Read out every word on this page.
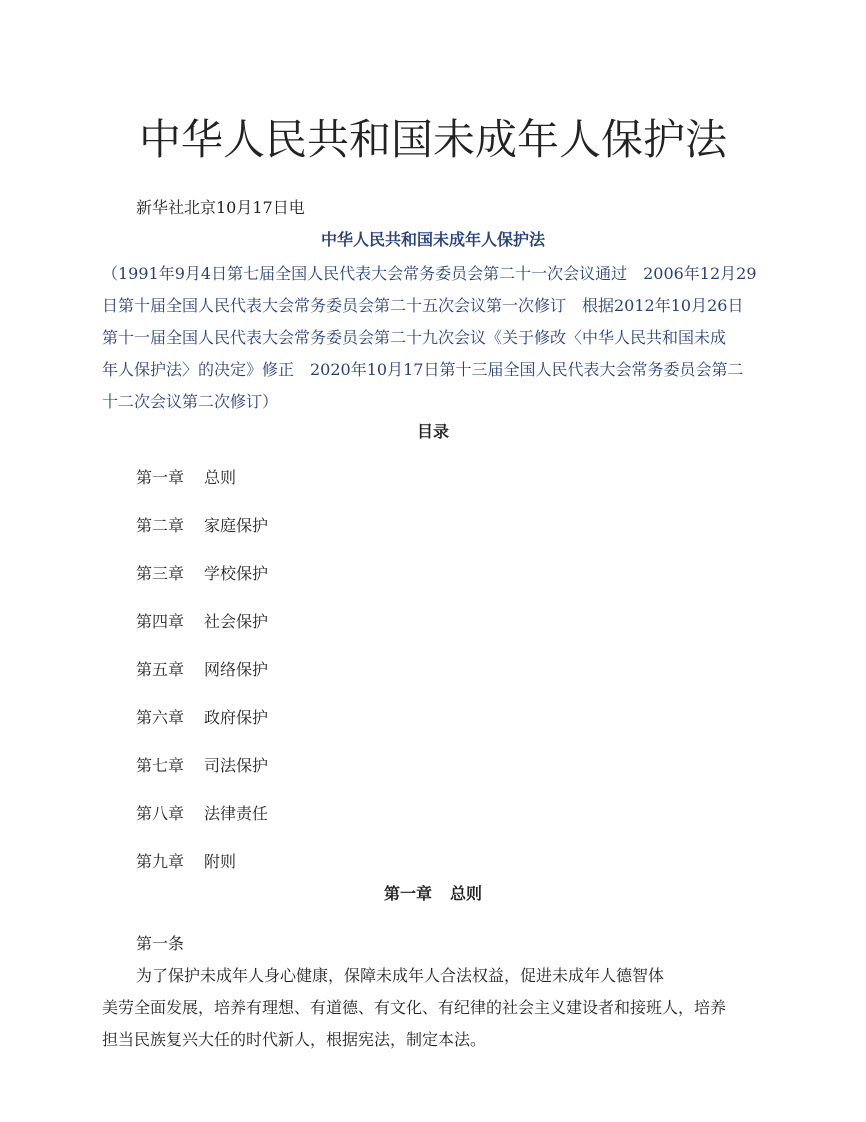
中华人民共和国未成年人保护法

新华社北京10月17日电

中华人民共和国未成年人保护法

（1991年9月4日第七届全国人民代表大会常务委员会第二十一次会议通过　2006年12月29
日第十届全国人民代表大会常务委员会第二十五次会议第一次修订　根据2012年10月26日
第十一届全国人民代表大会常务委员会第二十九次会议《关于修改〈中华人民共和国未成
年人保护法〉的决定》修正　2020年10月17日第十三届全国人民代表大会常务委员会第二
十二次会议第二次修订）

目录

第一章 总则
第二章 家庭保护
第三章 学校保护
第四章 社会保护
第五章 网络保护
第六章 政府保护
第七章 司法保护
第八章 法律责任
第九章 附则

第一章 总则

第一条
为了保护未成年人身心健康，保障未成年人合法权益，促进未成年人德智体
美劳全面发展，培养有理想、有道德、有文化、有纪律的社会主义建设者和接班人，培养
担当民族复兴大任的时代新人，根据宪法，制定本法。
